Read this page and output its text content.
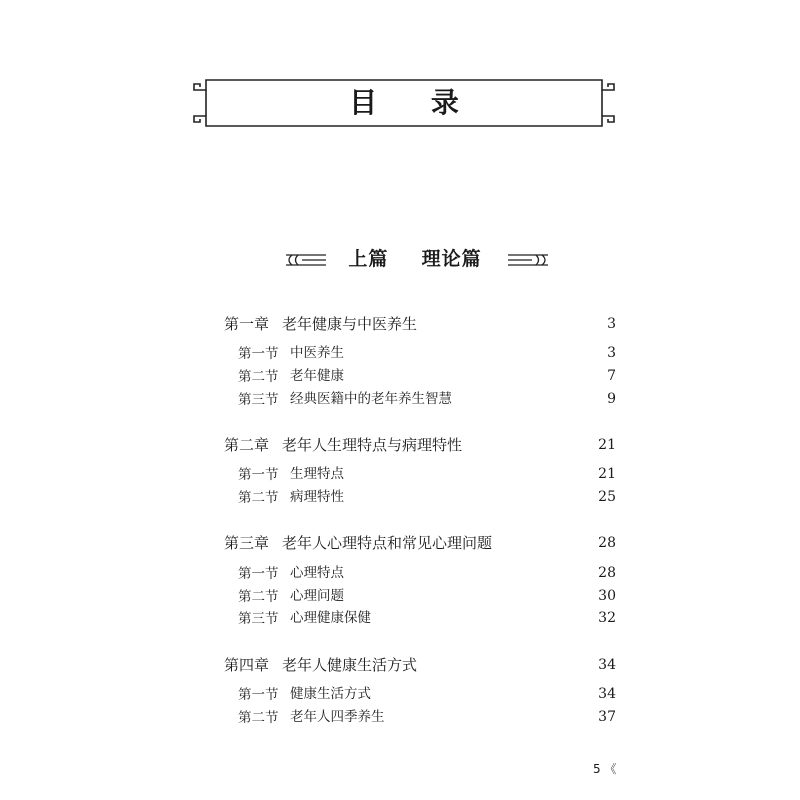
目 录
上篇 理论篇
第一章 老年健康与中医养生	3
第一节 中医养生	3
第二节 老年健康	7
第三节 经典医籍中的老年养生智慧	9
第二章 老年人生理特点与病理特性	21
第一节 生理特点	21
第二节 病理特性	25
第三章 老年人心理特点和常见心理问题	28
第一节 心理特点	28
第二节 心理问题	30
第三节 心理健康保健	32
第四章 老年人健康生活方式	34
第一节 健康生活方式	34
第二节 老年人四季养生	37
5 《
